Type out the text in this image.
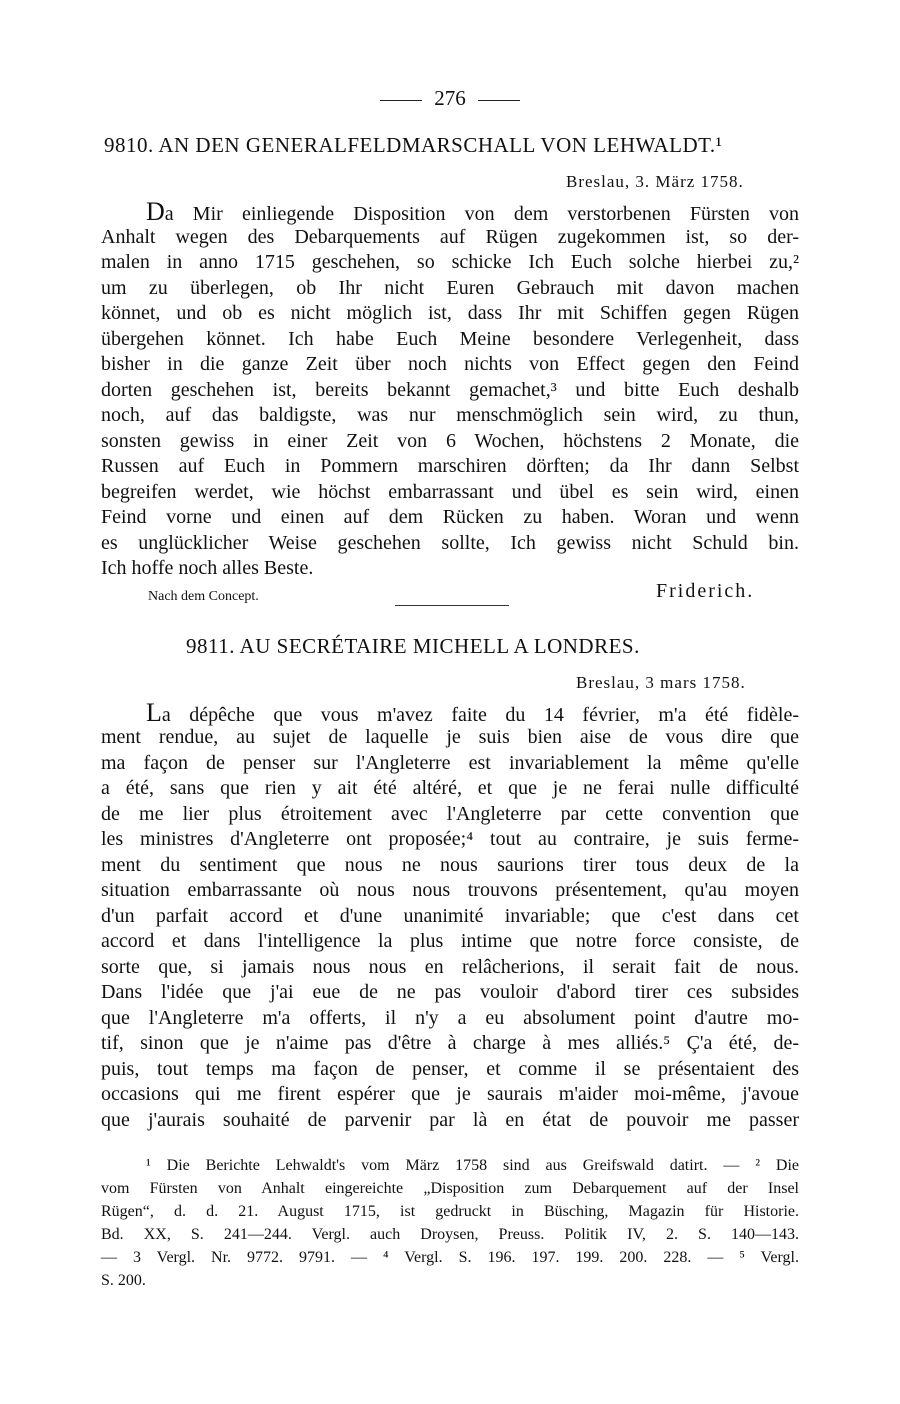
276
9810. AN DEN GENERALFELDMARSCHALL VON LEHWALDT.¹
Breslau, 3. März 1758.
Da Mir einliegende Disposition von dem verstorbenen Fürsten von
Anhalt wegen des Debarquements auf Rügen zugekommen ist, so der-
malen in anno 1715 geschehen, so schicke Ich Euch solche hierbei zu,²
um zu überlegen, ob Ihr nicht Euren Gebrauch mit davon machen
könnet, und ob es nicht möglich ist, dass Ihr mit Schiffen gegen Rügen
übergehen könnet. Ich habe Euch Meine besondere Verlegenheit, dass
bisher in die ganze Zeit über noch nichts von Effect gegen den Feind
dorten geschehen ist, bereits bekannt gemachet,³ und bitte Euch deshalb
noch, auf das baldigste, was nur menschmöglich sein wird, zu thun,
sonsten gewiss in einer Zeit von 6 Wochen, höchstens 2 Monate, die
Russen auf Euch in Pommern marschiren dörften; da Ihr dann Selbst
begreifen werdet, wie höchst embarrassant und übel es sein wird, einen
Feind vorne und einen auf dem Rücken zu haben. Woran und wenn
es unglücklicher Weise geschehen sollte, Ich gewiss nicht Schuld bin.
Ich hoffe noch alles Beste.
Nach dem Concept.	Friderich.
9811. AU SECRÉTAIRE MICHELL A LONDRES.
Breslau, 3 mars 1758.
La dépêche que vous m'avez faite du 14 février, m'a été fidèle-
ment rendue, au sujet de laquelle je suis bien aise de vous dire que
ma façon de penser sur l'Angleterre est invariablement la même qu'elle
a été, sans que rien y ait été altéré, et que je ne ferai nulle difficulté
de me lier plus étroitement avec l'Angleterre par cette convention que
les ministres d'Angleterre ont proposée;⁴ tout au contraire, je suis ferme-
ment du sentiment que nous ne nous saurions tirer tous deux de la
situation embarrassante où nous nous trouvons présentement, qu'au moyen
d'un parfait accord et d'une unanimité invariable; que c'est dans cet
accord et dans l'intelligence la plus intime que notre force consiste, de
sorte que, si jamais nous nous en relâcherions, il serait fait de nous.
Dans l'idée que j'ai eue de ne pas vouloir d'abord tirer ces subsides
que l'Angleterre m'a offerts, il n'y a eu absolument point d'autre mo-
tif, sinon que je n'aime pas d'être à charge à mes alliés.⁵ Ç'a été, de-
puis, tout temps ma façon de penser, et comme il se présentaient des
occasions qui me firent espérer que je saurais m'aider moi-même, j'avoue
que j'aurais souhaité de parvenir par là en état de pouvoir me passer
¹ Die Berichte Lehwaldt's vom März 1758 sind aus Greifswald datirt. — ² Die
vom Fürsten von Anhalt eingereichte „Disposition zum Debarquement auf der Insel
Rügen“, d. d. 21. August 1715, ist gedruckt in Büsching, Magazin für Historie.
Bd. XX, S. 241—244. Vergl. auch Droysen, Preuss. Politik IV, 2. S. 140—143.
— 3 Vergl. Nr. 9772. 9791. — ⁴ Vergl. S. 196. 197. 199. 200. 228. — ⁵ Vergl.
S. 200.
